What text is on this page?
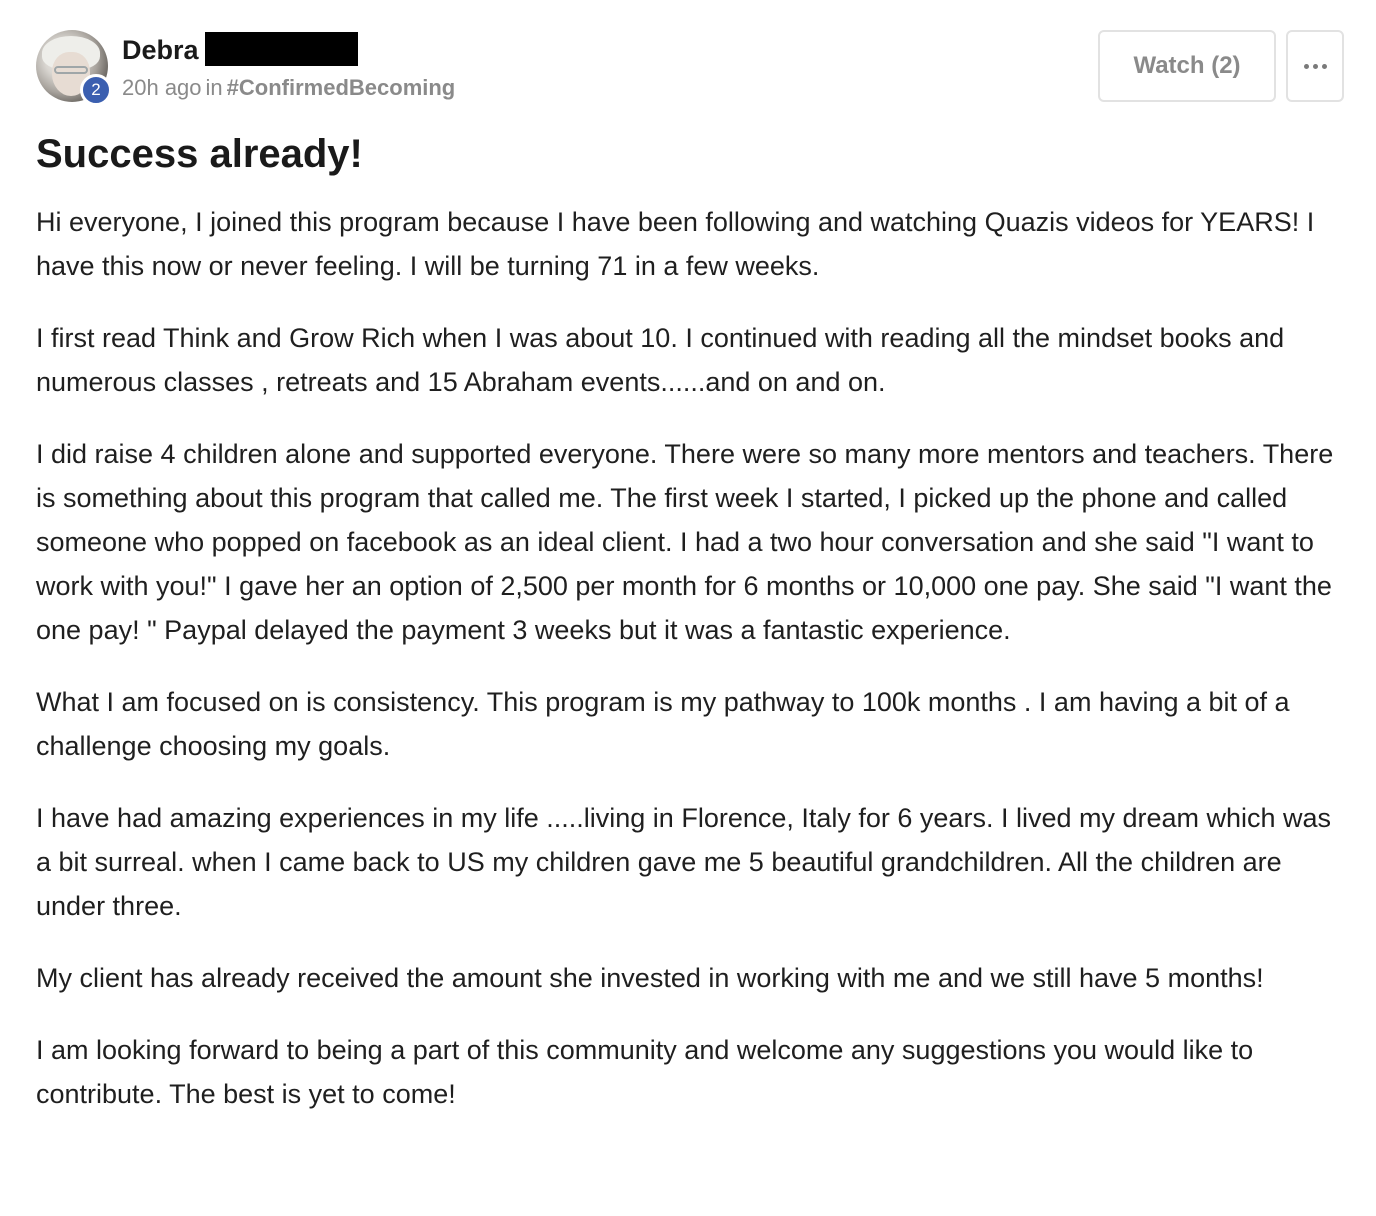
2
Debra
20h ago in #ConfirmedBecoming
Watch (2)
Success already!

Hi everyone, I joined this program because I have been following and watching Quazis videos for YEARS! I have this now or never feeling. I will be turning 71 in a few weeks.

I first read Think and Grow Rich when I was about 10. I continued with reading all the mindset books and numerous classes , retreats and 15 Abraham events......and on and on.

I did raise 4 children alone and supported everyone. There were so many more mentors and teachers. There is something about this program that called me. The first week I started, I picked up the phone and called someone who popped on facebook as an ideal client. I had a two hour conversation and she said "I want to work with you!" I gave her an option of 2,500 per month for 6 months or 10,000 one pay. She said "I want the one pay! " Paypal delayed the payment 3 weeks but it was a fantastic experience.

What I am focused on is consistency. This program is my pathway to 100k months . I am having a bit of a challenge choosing my goals.

I have had amazing experiences in my life .....living in Florence, Italy for 6 years. I lived my dream which was a bit surreal. when I came back to US my children gave me 5 beautiful grandchildren. All the children are under three.

My client has already received the amount she invested in working with me and we still have 5 months!

I am looking forward to being a part of this community and welcome any suggestions you would like to contribute. The best is yet to come!
